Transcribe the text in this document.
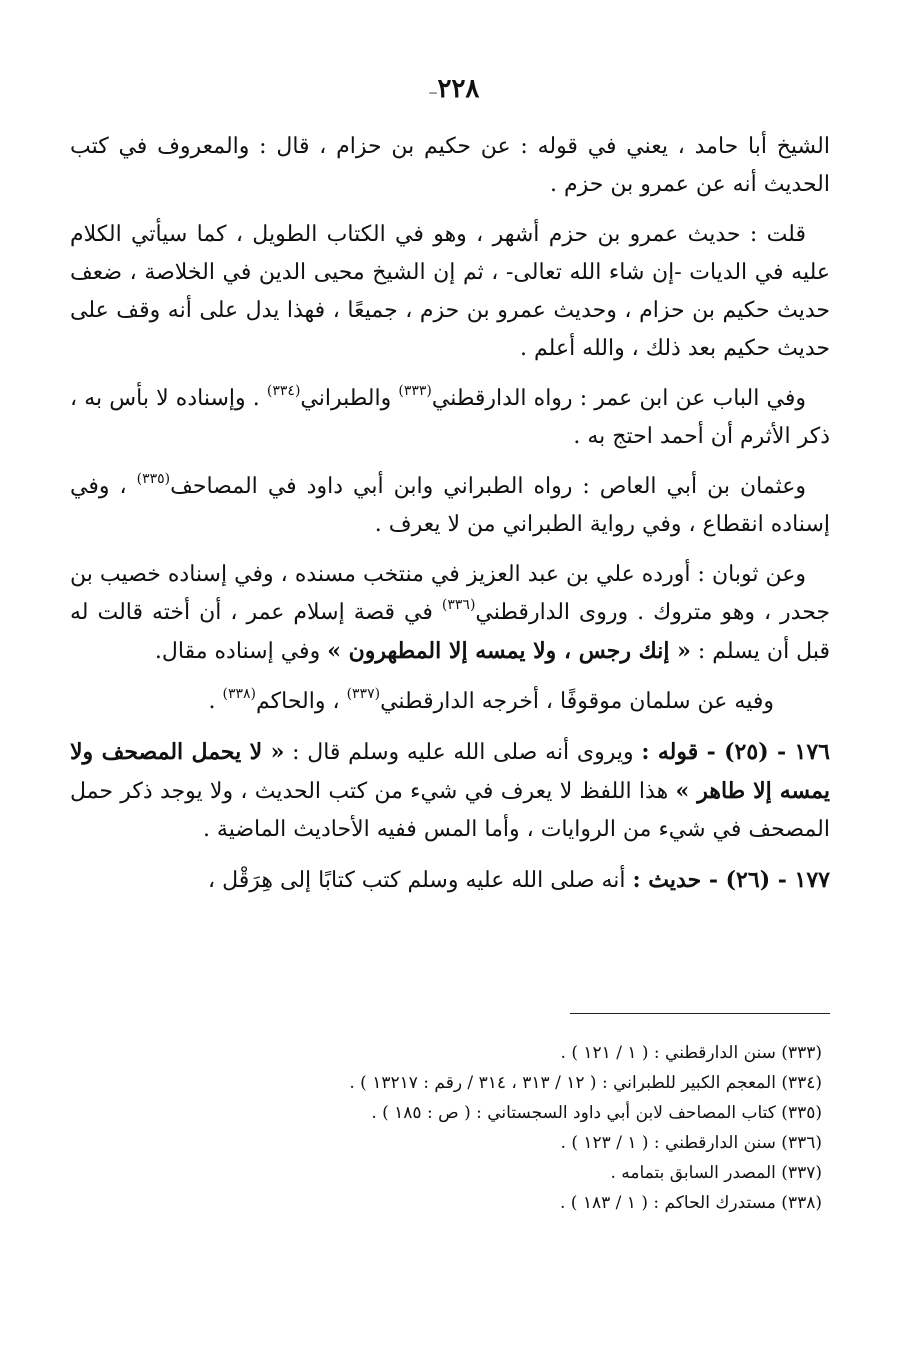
٢٢٨‒

الشيخ أبا حامد ، يعني في قوله : عن حكيم بن حزام ، قال : والمعروف في كتب الحديث أنه عن عمرو بن حزم .

قلت : حديث عمرو بن حزم أشهر ، وهو في الكتاب الطويل ، كما سيأتي الكلام عليه في الديات -إن شاء الله تعالى- ، ثم إن الشيخ محيى الدين في الخلاصة ، ضعف حديث حكيم بن حزام ، وحديث عمرو بن حزم ، جميعًا ، فهذا يدل على أنه وقف على حديث حكيم بعد ذلك ، والله أعلم .

وفي الباب عن ابن عمر : رواه الدارقطني$^{(٣٣٣)}$ والطبراني$^{(٣٣٤)}$ . وإسناده لا بأس به ، ذكر الأثرم أن أحمد احتج به .

وعثمان بن أبي العاص : رواه الطبراني وابن أبي داود في المصاحف$^{(٣٣٥)}$ ، وفي إسناده انقطاع ، وفي رواية الطبراني من لا يعرف .

وعن ثوبان : أورده علي بن عبد العزيز في منتخب مسنده ، وفي إسناده خصيب بن جحدر ، وهو متروك . وروى الدارقطني$^{(٣٣٦)}$ في قصة إسلام عمر ، أن أخته قالت له قبل أن يسلم : « إنك رجس ، ولا يمسه إلا المطهرون » وفي إسناده مقال.

وفيه عن سلمان موقوفًا ، أخرجه الدارقطني$^{(٣٣٧)}$ ، والحاكم$^{(٣٣٨)}$ .

١٧٦ - (٢٥) - قوله : ويروى أنه صلى الله عليه وسلم قال : « لا يحمل المصحف ولا يمسه إلا طاهر » هذا اللفظ لا يعرف في شيء من كتب الحديث ، ولا يوجد ذكر حمل المصحف في شيء من الروايات ، وأما المس ففيه الأحاديث الماضية .

١٧٧ - (٢٦) - حديث : أنه صلى الله عليه وسلم كتب كتابًا إلى هِرَقْل ،

(٣٣٣) سنن الدارقطني : ( ١ / ١٢١ ) .

(٣٣٤) المعجم الكبير للطبراني : ( ١٢ / ٣١٣ ، ٣١٤ / رقم : ١٣٢١٧ ) .

(٣٣٥) كتاب المصاحف لابن أبي داود السجستاني : ( ص : ١٨٥ ) .

(٣٣٦) سنن الدارقطني : ( ١ / ١٢٣ ) .

(٣٣٧) المصدر السابق بتمامه .

(٣٣٨) مستدرك الحاكم : ( ١ / ١٨٣ ) .
